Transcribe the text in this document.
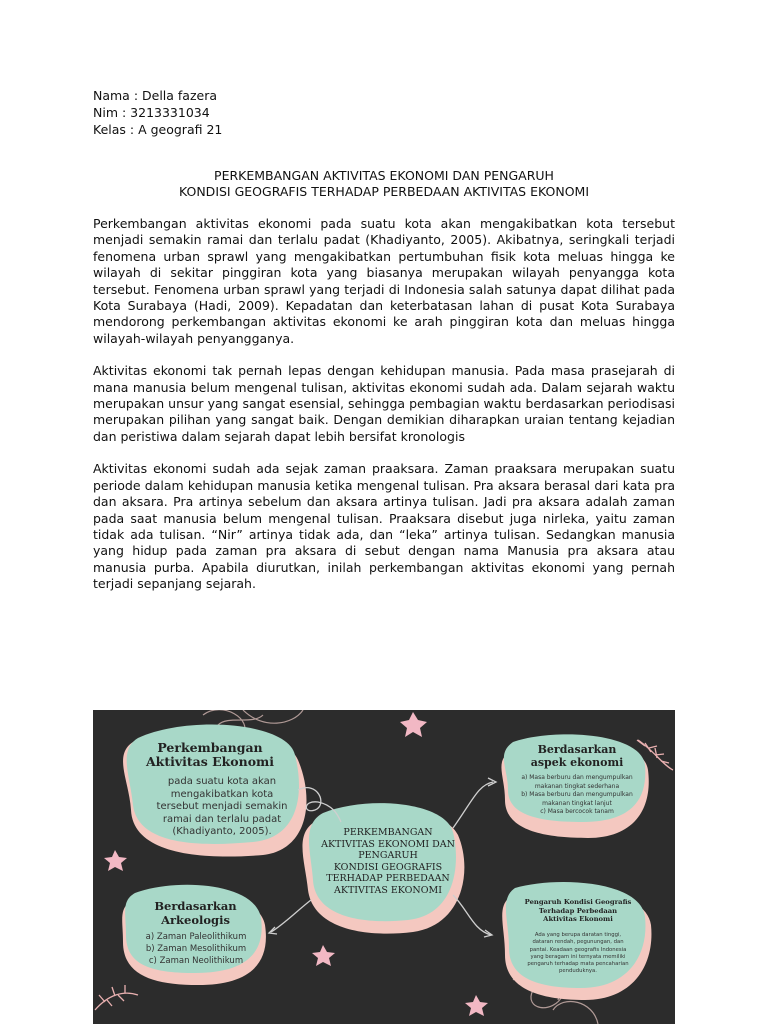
Nama : Della fazera
Nim : 3213331034
Kelas : A geografi 21
PERKEMBANGAN AKTIVITAS EKONOMI DAN PENGARUH
KONDISI GEOGRAFIS TERHADAP PERBEDAAN AKTIVITAS EKONOMI

Perkembangan aktivitas ekonomi pada suatu kota akan mengakibatkan kota tersebut menjadi semakin ramai dan terlalu padat (Khadiyanto, 2005). Akibatnya, seringkali terjadi fenomena urban sprawl yang mengakibatkan pertumbuhan fisik kota meluas hingga ke wilayah di sekitar pinggiran kota yang biasanya merupakan wilayah penyangga kota tersebut. Fenomena urban sprawl yang terjadi di Indonesia salah satunya dapat dilihat pada Kota Surabaya (Hadi, 2009). Kepadatan dan keterbatasan lahan di pusat Kota Surabaya mendorong perkembangan aktivitas ekonomi ke arah pinggiran kota dan meluas hingga wilayah-wilayah penyangganya.

Aktivitas ekonomi tak pernah lepas dengan kehidupan manusia. Pada masa prasejarah di mana manusia belum mengenal tulisan, aktivitas ekonomi sudah ada. Dalam sejarah waktu merupakan unsur yang sangat esensial, sehingga pembagian waktu berdasarkan periodisasi merupakan pilihan yang sangat baik. Dengan demikian diharapkan uraian tentang kejadian dan peristiwa dalam sejarah dapat lebih bersifat kronologis

Aktivitas ekonomi sudah ada sejak zaman praaksara. Zaman praaksara merupakan suatu periode dalam kehidupan manusia ketika mengenal tulisan. Pra aksara berasal dari kata pra dan aksara. Pra artinya sebelum dan aksara artinya tulisan. Jadi pra aksara adalah zaman pada saat manusia belum mengenal tulisan. Praaksara disebut juga nirleka, yaitu zaman tidak ada tulisan. “Nir” artinya tidak ada, dan “leka” artinya tulisan. Sedangkan manusia yang hidup pada zaman pra aksara di sebut dengan nama Manusia pra aksara atau manusia purba. Apabila diurutkan, inilah perkembangan aktivitas ekonomi yang pernah terjadi sepanjang sejarah.

Perkembangan
Aktivitas Ekonomi
pada suatu kota akan
mengakibatkan kota
tersebut menjadi semakin
ramai dan terlalu padat
(Khadiyanto, 2005).	PERKEMBANGAN
AKTIVITAS EKONOMI DAN
PENGARUH
KONDISI GEOGRAFIS
TERHADAP PERBEDAAN
AKTIVITAS EKONOMI
Berdasarkan
aspek ekonomi
a) Masa berburu dan mengumpulkan
makanan tingkat sederhana
b) Masa berburu dan mengumpulkan
makanan tingkat lanjut
c) Masa bercocok tanam
Berdasarkan
Arkeologis
a) Zaman Paleolithikum
b) Zaman Mesolithikum
c) Zaman Neolithikum
Pengaruh Kondisi Geografis
Terhadap Perbedaan
Aktivitas Ekonomi
Ada yang berupa daratan tinggi,
dataran rendah, pegunungan, dan
pantai. Keadaan geografis Indonesia
yang beragam ini ternyata memiliki
pengaruh terhadap mata pencaharian
penduduknya.
